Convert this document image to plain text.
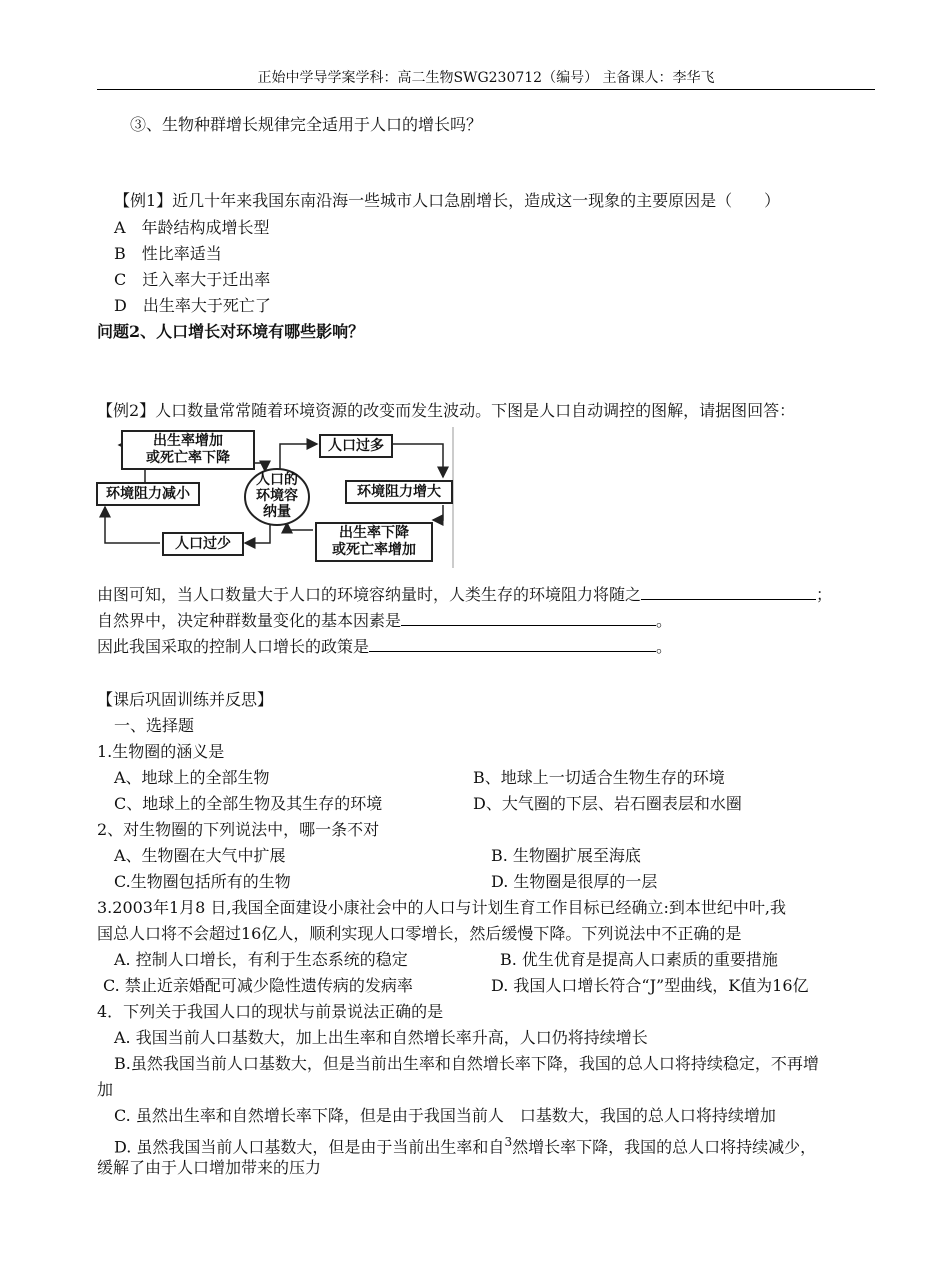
正始中学导学案学科：高二生物SWG230712（编号） 主备课人：李华飞
③、生物种群增长规律完全适用于人口的增长吗？
【例1】近几十年来我国东南沿海一些城市人口急剧增长，造成这一现象的主要原因是（　　）
A　年龄结构成增长型
B　性比率适当
C　迁入率大于迁出率
D　出生率大于死亡了
问题2、人口增长对环境有哪些影响？
【例2】人口数量常常随着环境资源的改变而发生波动。下图是人口自动调控的图解，请据图回答：
出生率增加
或死亡率下降
人口过多
环境阻力减小
人口的
环境容
纳量
环境阻力增大
人口过少
出生率下降
或死亡率增加
由图可知，当人口数量大于人口的环境容纳量时，人类生存的环境阻力将随之	；
自然界中，决定种群数量变化的基本因素是	。
因此我国采取的控制人口增长的政策是	。
【课后巩固训练并反思】
一、选择题
1.生物圈的涵义是
A、地球上的全部生物	B、地球上一切适合生物生存的环境
C、地球上的全部生物及其生存的环境	D、大气圈的下层、岩石圈表层和水圈
2、对生物圈的下列说法中，哪一条不对
A、生物圈在大气中扩展	B. 生物圈扩展至海底
C.生物圈包括所有的生物	D. 生物圈是很厚的一层
3.2003年1月8 日,我国全面建设小康社会中的人口与计划生育工作目标已经确立:到本世纪中叶,我
国总人口将不会超过16亿人，顺利实现人口零增长，然后缓慢下降。下列说法中不正确的是
A. 控制人口增长，有利于生态系统的稳定	B. 优生优育是提高人口素质的重要措施
C. 禁止近亲婚配可减少隐性遗传病的发病率	D. 我国人口增长符合“J”型曲线，K值为16亿
4．下列关于我国人口的现状与前景说法正确的是
A. 我国当前人口基数大，加上出生率和自然增长率升高，人口仍将持续增长
B.虽然我国当前人口基数大，但是当前出生率和自然增长率下降，我国的总人口将持续稳定，不再增
加
C. 虽然出生率和自然增长率下降，但是由于我国当前人　口基数大，我国的总人口将持续增加
D. 虽然我国当前人口基数大，但是由于当前出生率和自$^3$然增长率下降，我国的总人口将持续减少，
缓解了由于人口增加带来的压力
